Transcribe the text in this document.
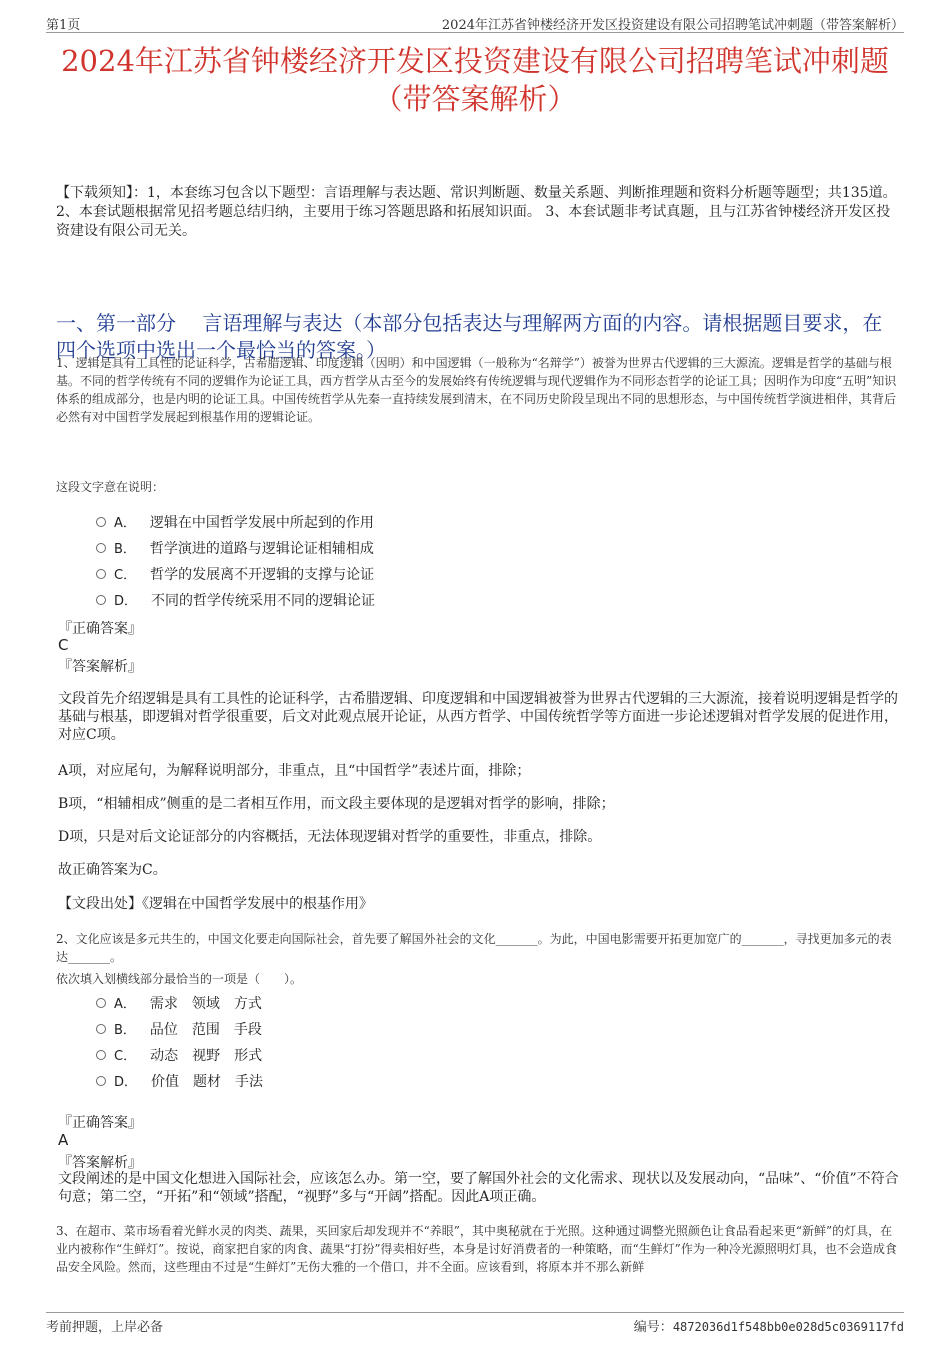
第1页	2024年江苏省钟楼经济开发区投资建设有限公司招聘笔试冲刺题（带答案解析）
2024年江苏省钟楼经济开发区投资建设有限公司招聘笔试冲刺题（带答案解析）
【下载须知】：1，本套练习包含以下题型：言语理解与表达题、常识判断题、数量关系题、判断推理题和资料分析题等题型；共135道。 2、本套试题根据常见招考题总结归纳，主要用于练习答题思路和拓展知识面。 3、本套试题非考试真题，且与江苏省钟楼经济开发区投资建设有限公司无关。
一、第一部分　 言语理解与表达（本部分包括表达与理解两方面的内容。请根据题目要求，在四个选项中选出一个最恰当的答案。）
1、逻辑是具有工具性的论证科学，古希腊逻辑、印度逻辑（因明）和中国逻辑（一般称为“名辩学”）被誉为世界古代逻辑的三大源流。逻辑是哲学的基础与根基。不同的哲学传统有不同的逻辑作为论证工具，西方哲学从古至今的发展始终有传统逻辑与现代逻辑作为不同形态哲学的论证工具；因明作为印度“五明”知识体系的组成部分，也是内明的论证工具。中国传统哲学从先秦一直持续发展到清末，在不同历史阶段呈现出不同的思想形态，与中国传统哲学演进相伴，其背后必然有对中国哲学发展起到根基作用的逻辑论证。
这段文字意在说明：
A． 逻辑在中国哲学发展中所起到的作用
B． 哲学演进的道路与逻辑论证相辅相成
C． 哲学的发展离不开逻辑的支撑与论证
D． 不同的哲学传统采用不同的逻辑论证
『正确答案』
C
『答案解析』
文段首先介绍逻辑是具有工具性的论证科学，古希腊逻辑、印度逻辑和中国逻辑被誉为世界古代逻辑的三大源流，接着说明逻辑是哲学的基础与根基，即逻辑对哲学很重要，后文对此观点展开论证，从西方哲学、中国传统哲学等方面进一步论述逻辑对哲学发展的促进作用，对应C项。
A项，对应尾句，为解释说明部分，非重点，且“中国哲学”表述片面，排除；
B项，“相辅相成”侧重的是二者相互作用，而文段主要体现的是逻辑对哲学的影响，排除；
D项，只是对后文论证部分的内容概括，无法体现逻辑对哲学的重要性，非重点，排除。
故正确答案为C。
【文段出处】《逻辑在中国哲学发展中的根基作用》
2、文化应该是多元共生的，中国文化要走向国际社会，首先要了解国外社会的文化_______。为此，中国电影需要开拓更加宽广的_______，寻找更加多元的表达_______。
依次填入划横线部分最恰当的一项是（　　）。
A． 需求　领域　方式
B． 品位　范围　手段
C． 动态　视野　形式
D． 价值　题材　手法
『正确答案』
A
『答案解析』
文段阐述的是中国文化想进入国际社会，应该怎么办。第一空，要了解国外社会的文化需求、现状以及发展动向，“品味”、“价值”不符合句意；第二空，“开拓”和“领域”搭配，“视野”多与“开阔”搭配。因此A项正确。
3、在超市、菜市场看着光鲜水灵的肉类、蔬果，买回家后却发现并不“养眼”，其中奥秘就在于光照。这种通过调整光照颜色让食品看起来更“新鲜”的灯具，在业内被称作“生鲜灯”。按说，商家把自家的肉食、蔬果“打扮”得卖相好些，本身是讨好消费者的一种策略，而“生鲜灯”作为一种冷光源照明灯具，也不会造成食品安全风险。然而，这些理由不过是“生鲜灯”无伤大雅的一个借口，并不全面。应该看到，将原本并不那么新鲜
考前押题，上岸必备	编号：4872036d1f548bb0e028d5c0369117fd
